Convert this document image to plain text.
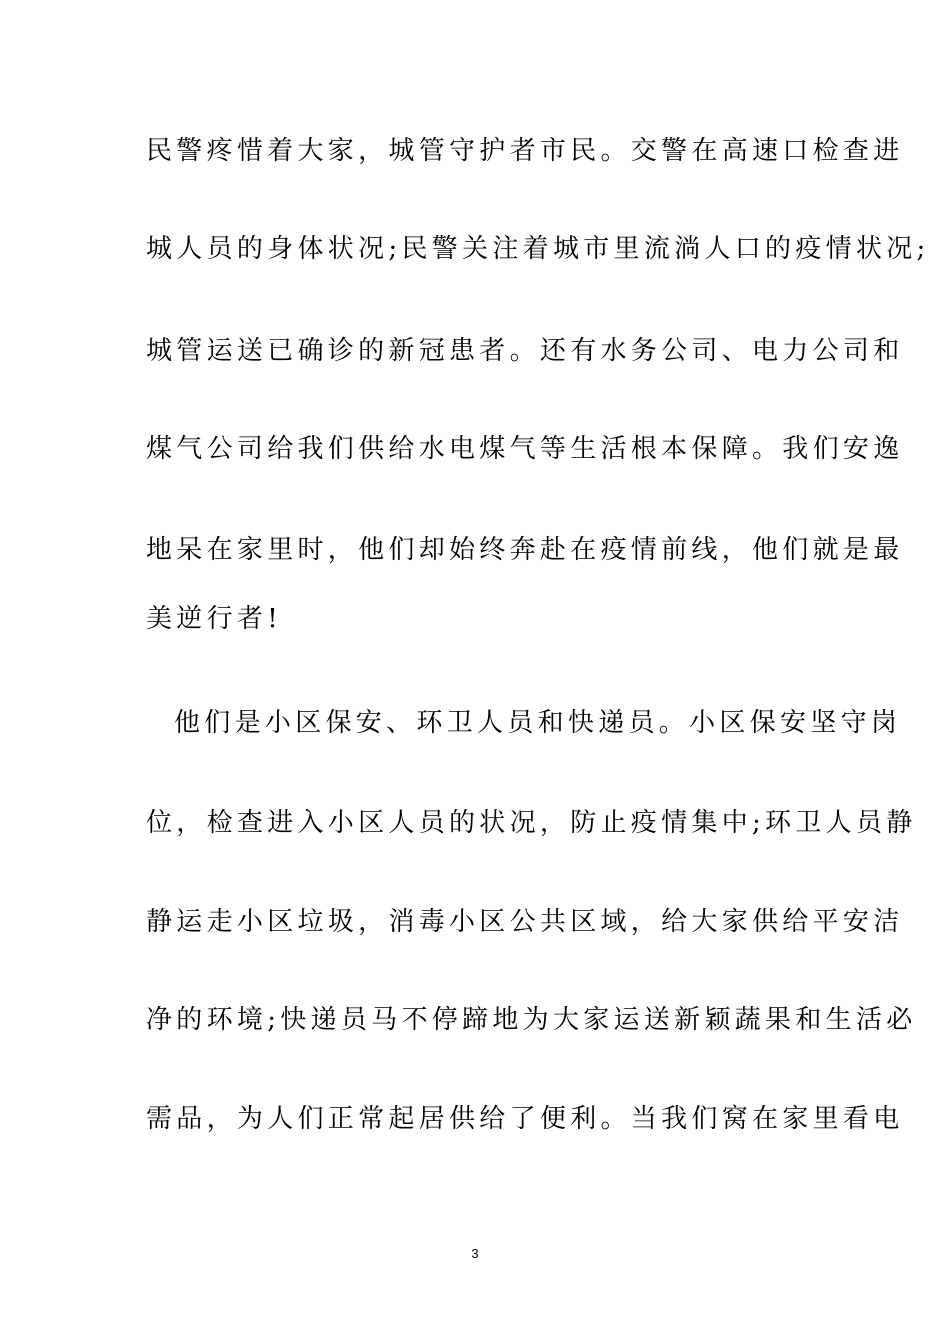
民警疼惜着大家，城管守护者市民。交警在高速口检查进
城人员的身体状况;民警关注着城市里流淌人口的疫情状况;
城管运送已确诊的新冠患者。还有水务公司、电力公司和
煤气公司给我们供给水电煤气等生活根本保障。我们安逸
地呆在家里时，他们却始终奔赴在疫情前线，他们就是最
美逆行者!
他们是小区保安、环卫人员和快递员。小区保安坚守岗
位，检查进入小区人员的状况，防止疫情集中;环卫人员静
静运走小区垃圾，消毒小区公共区域，给大家供给平安洁
净的环境;快递员马不停蹄地为大家运送新颖蔬果和生活必
需品，为人们正常起居供给了便利。当我们窝在家里看电
3
